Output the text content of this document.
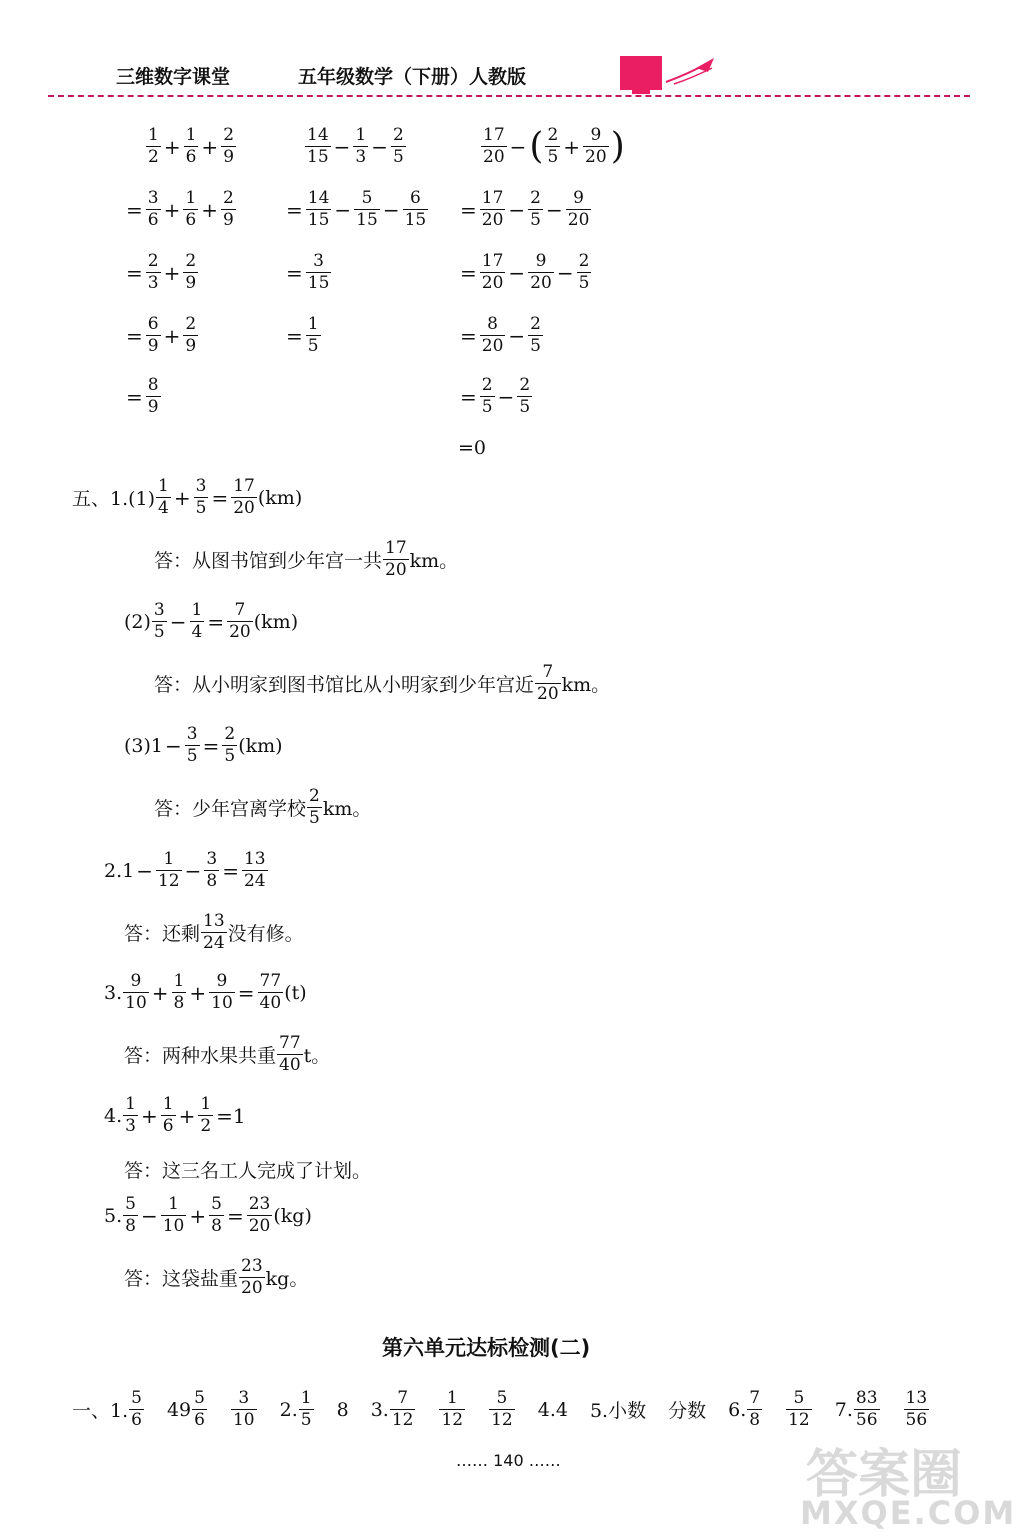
三维数字课堂	五年级数学（下册）人教版
$\frac{1}{2} + \frac{1}{6} + \frac{2}{9}$
= $\frac{3}{6} + \frac{1}{6} + \frac{2}{9}$
= $\frac{2}{3} + \frac{2}{9}$
= $\frac{6}{9} + \frac{2}{9}$
= $\frac{8}{9}$
$\frac{14}{15} - \frac{1}{3} - \frac{2}{5}$
= $\frac{14}{15} - \frac{5}{15} - \frac{6}{15}$
= $\frac{3}{15}$
= $\frac{1}{5}$
$\frac{17}{20}$ − ( $\frac{2}{5} + \frac{9}{20}$ )
= $\frac{17}{20} - \frac{2}{5} - \frac{9}{20}$
= $\frac{17}{20} - \frac{9}{20} - \frac{2}{5}$
= $\frac{8}{20} - \frac{2}{5}$
= $\frac{2}{5} - \frac{2}{5}$
=0
五、$1.(1) \frac{1}{4} + \frac{3}{5} = \frac{17}{20} (km)$
答：从图书馆到少年宫一共 $\frac{17}{20}$ km。
$(2) \frac{3}{5} - \frac{1}{4} = \frac{7}{20} (km)$
答：从小明家到图书馆比从小明家到少年宫近 $\frac{7}{20}$ km。
$(3)1 - \frac{3}{5} = \frac{2}{5} (km)$
答：少年宫离学校 $\frac{2}{5}$ km。
$2.1 - \frac{1}{12} - \frac{3}{8} = \frac{13}{24}$
答：还剩 $\frac{13}{24}$ 没有修。
3. $\frac{9}{10} + \frac{1}{8} + \frac{9}{10} = \frac{77}{40} (t)$
答：两种水果共重 $\frac{77}{40}$ t。
4. $\frac{1}{3} + \frac{1}{6} + \frac{1}{2} =1$
答：这三名工人完成了计划。
5. $\frac{5}{8} - \frac{1}{10} + \frac{5}{8} = \frac{23}{20} (kg)$
答：这袋盐重 $\frac{23}{20}$ kg。
第六单元达标检测(二)
一、1. $\frac{5}{6} 49 \frac{5}{6} \frac{3}{10} 2$. $\frac{1}{5} 8$ 3. $\frac{7}{12} \frac{1}{12} \frac{5}{12} 4.4$ 5.小数 分数 6. $\frac{7}{8} \frac{5}{12} 7$. $\frac{83}{56} \frac{13}{56}$
…… 140 ……	答案圈
MXQE.COM
